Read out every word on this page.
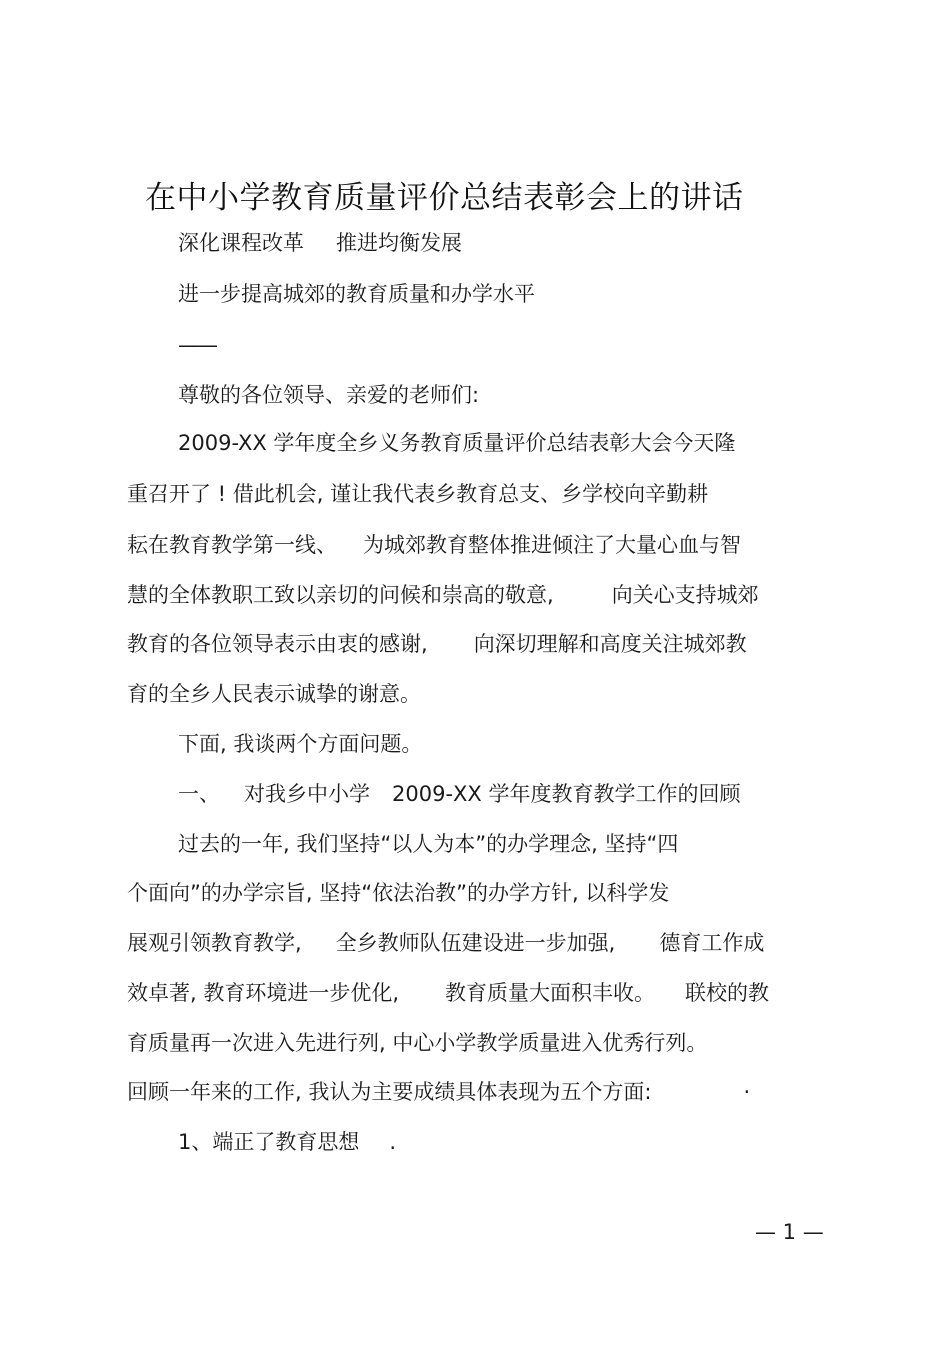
在中小学教育质量评价总结表彰会上的讲话
深化课程改革 推进均衡发展
进一步提高城郊的教育质量和办学水平
——
尊敬的各位领导、亲爱的老师们:
2009-XX 学年度全乡义务教育质量评价总结表彰大会今天隆
重召开了 ! 借此机会, 谨让我代表乡教育总支、乡学校向辛勤耕
耘在教育教学第一线、 为城郊教育整体推进倾注了大量心血与智
慧的全体教职工致以亲切的问候和崇高的敬意,	向关心支持城郊
教育的各位领导表示由衷的感谢, 向深切理解和高度关注城郊教
育的全乡人民表示诚挚的谢意。
下面, 我谈两个方面问题。
一、 对我乡中小学 2009-XX 学年度教育教学工作的回顾
过去的一年, 我们坚持“以人为本”的办学理念, 坚持“四
个面向”的办学宗旨, 坚持“依法治教”的办学方针, 以科学发
展观引领教育教学, 全乡教师队伍建设进一步加强, 德育工作成
效卓著, 教育环境进一步优化, 教育质量大面积丰收。 联校的教
育质量再一次进入先进行列, 中心小学教学质量进入优秀行列。
回顾一年来的工作, 我认为主要成绩具体表现为五个方面:	·
1、端正了教育思想 .
— 1 —
